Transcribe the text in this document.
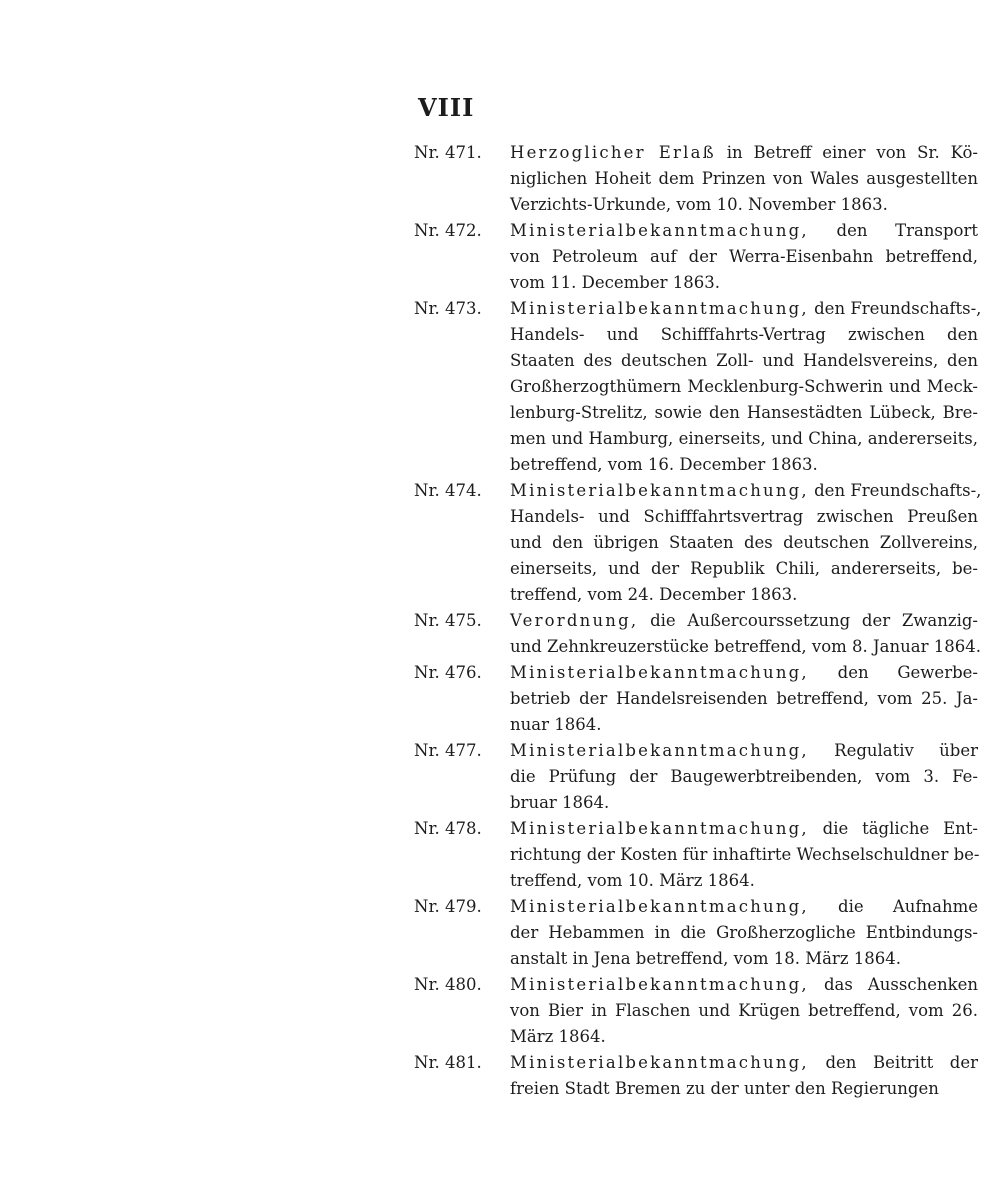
VIII
Nr. 471.	Herzoglicher Erlaß in Betreff einer von Sr. Kö-
niglichen Hoheit dem Prinzen von Wales ausgestellten
Verzichts-Urkunde, vom 10. November 1863.
Nr. 472.	Ministerialbekanntmachung, den Transport
von Petroleum auf der Werra-Eisenbahn betreffend,
vom 11. December 1863.
Nr. 473.	Ministerialbekanntmachung, den Freundschafts-,
Handels- und Schifffahrts-Vertrag zwischen den
Staaten des deutschen Zoll- und Handelsvereins, den
Großherzogthümern Mecklenburg-Schwerin und Meck-
lenburg-Strelitz, sowie den Hansestädten Lübeck, Bre-
men und Hamburg, einerseits, und China, andererseits,
betreffend, vom 16. December 1863.
Nr. 474.	Ministerialbekanntmachung, den Freundschafts-,
Handels- und Schifffahrtsvertrag zwischen Preußen
und den übrigen Staaten des deutschen Zollvereins,
einerseits, und der Republik Chili, andererseits, be-
treffend, vom 24. December 1863.
Nr. 475.	Verordnung, die Außercourssetzung der Zwanzig-
und Zehnkreuzerstücke betreffend, vom 8. Januar 1864.
Nr. 476.	Ministerialbekanntmachung, den Gewerbe-
betrieb der Handelsreisenden betreffend, vom 25. Ja-
nuar 1864.
Nr. 477.	Ministerialbekanntmachung, Regulativ über
die Prüfung der Baugewerbtreibenden, vom 3. Fe-
bruar 1864.
Nr. 478.	Ministerialbekanntmachung, die tägliche Ent-
richtung der Kosten für inhaftirte Wechselschuldner be-
treffend, vom 10. März 1864.
Nr. 479.	Ministerialbekanntmachung, die Aufnahme
der Hebammen in die Großherzogliche Entbindungs-
anstalt in Jena betreffend, vom 18. März 1864.
Nr. 480.	Ministerialbekanntmachung, das Ausschenken
von Bier in Flaschen und Krügen betreffend, vom 26.
März 1864.
Nr. 481.	Ministerialbekanntmachung, den Beitritt der
freien Stadt Bremen zu der unter den Regierungen
